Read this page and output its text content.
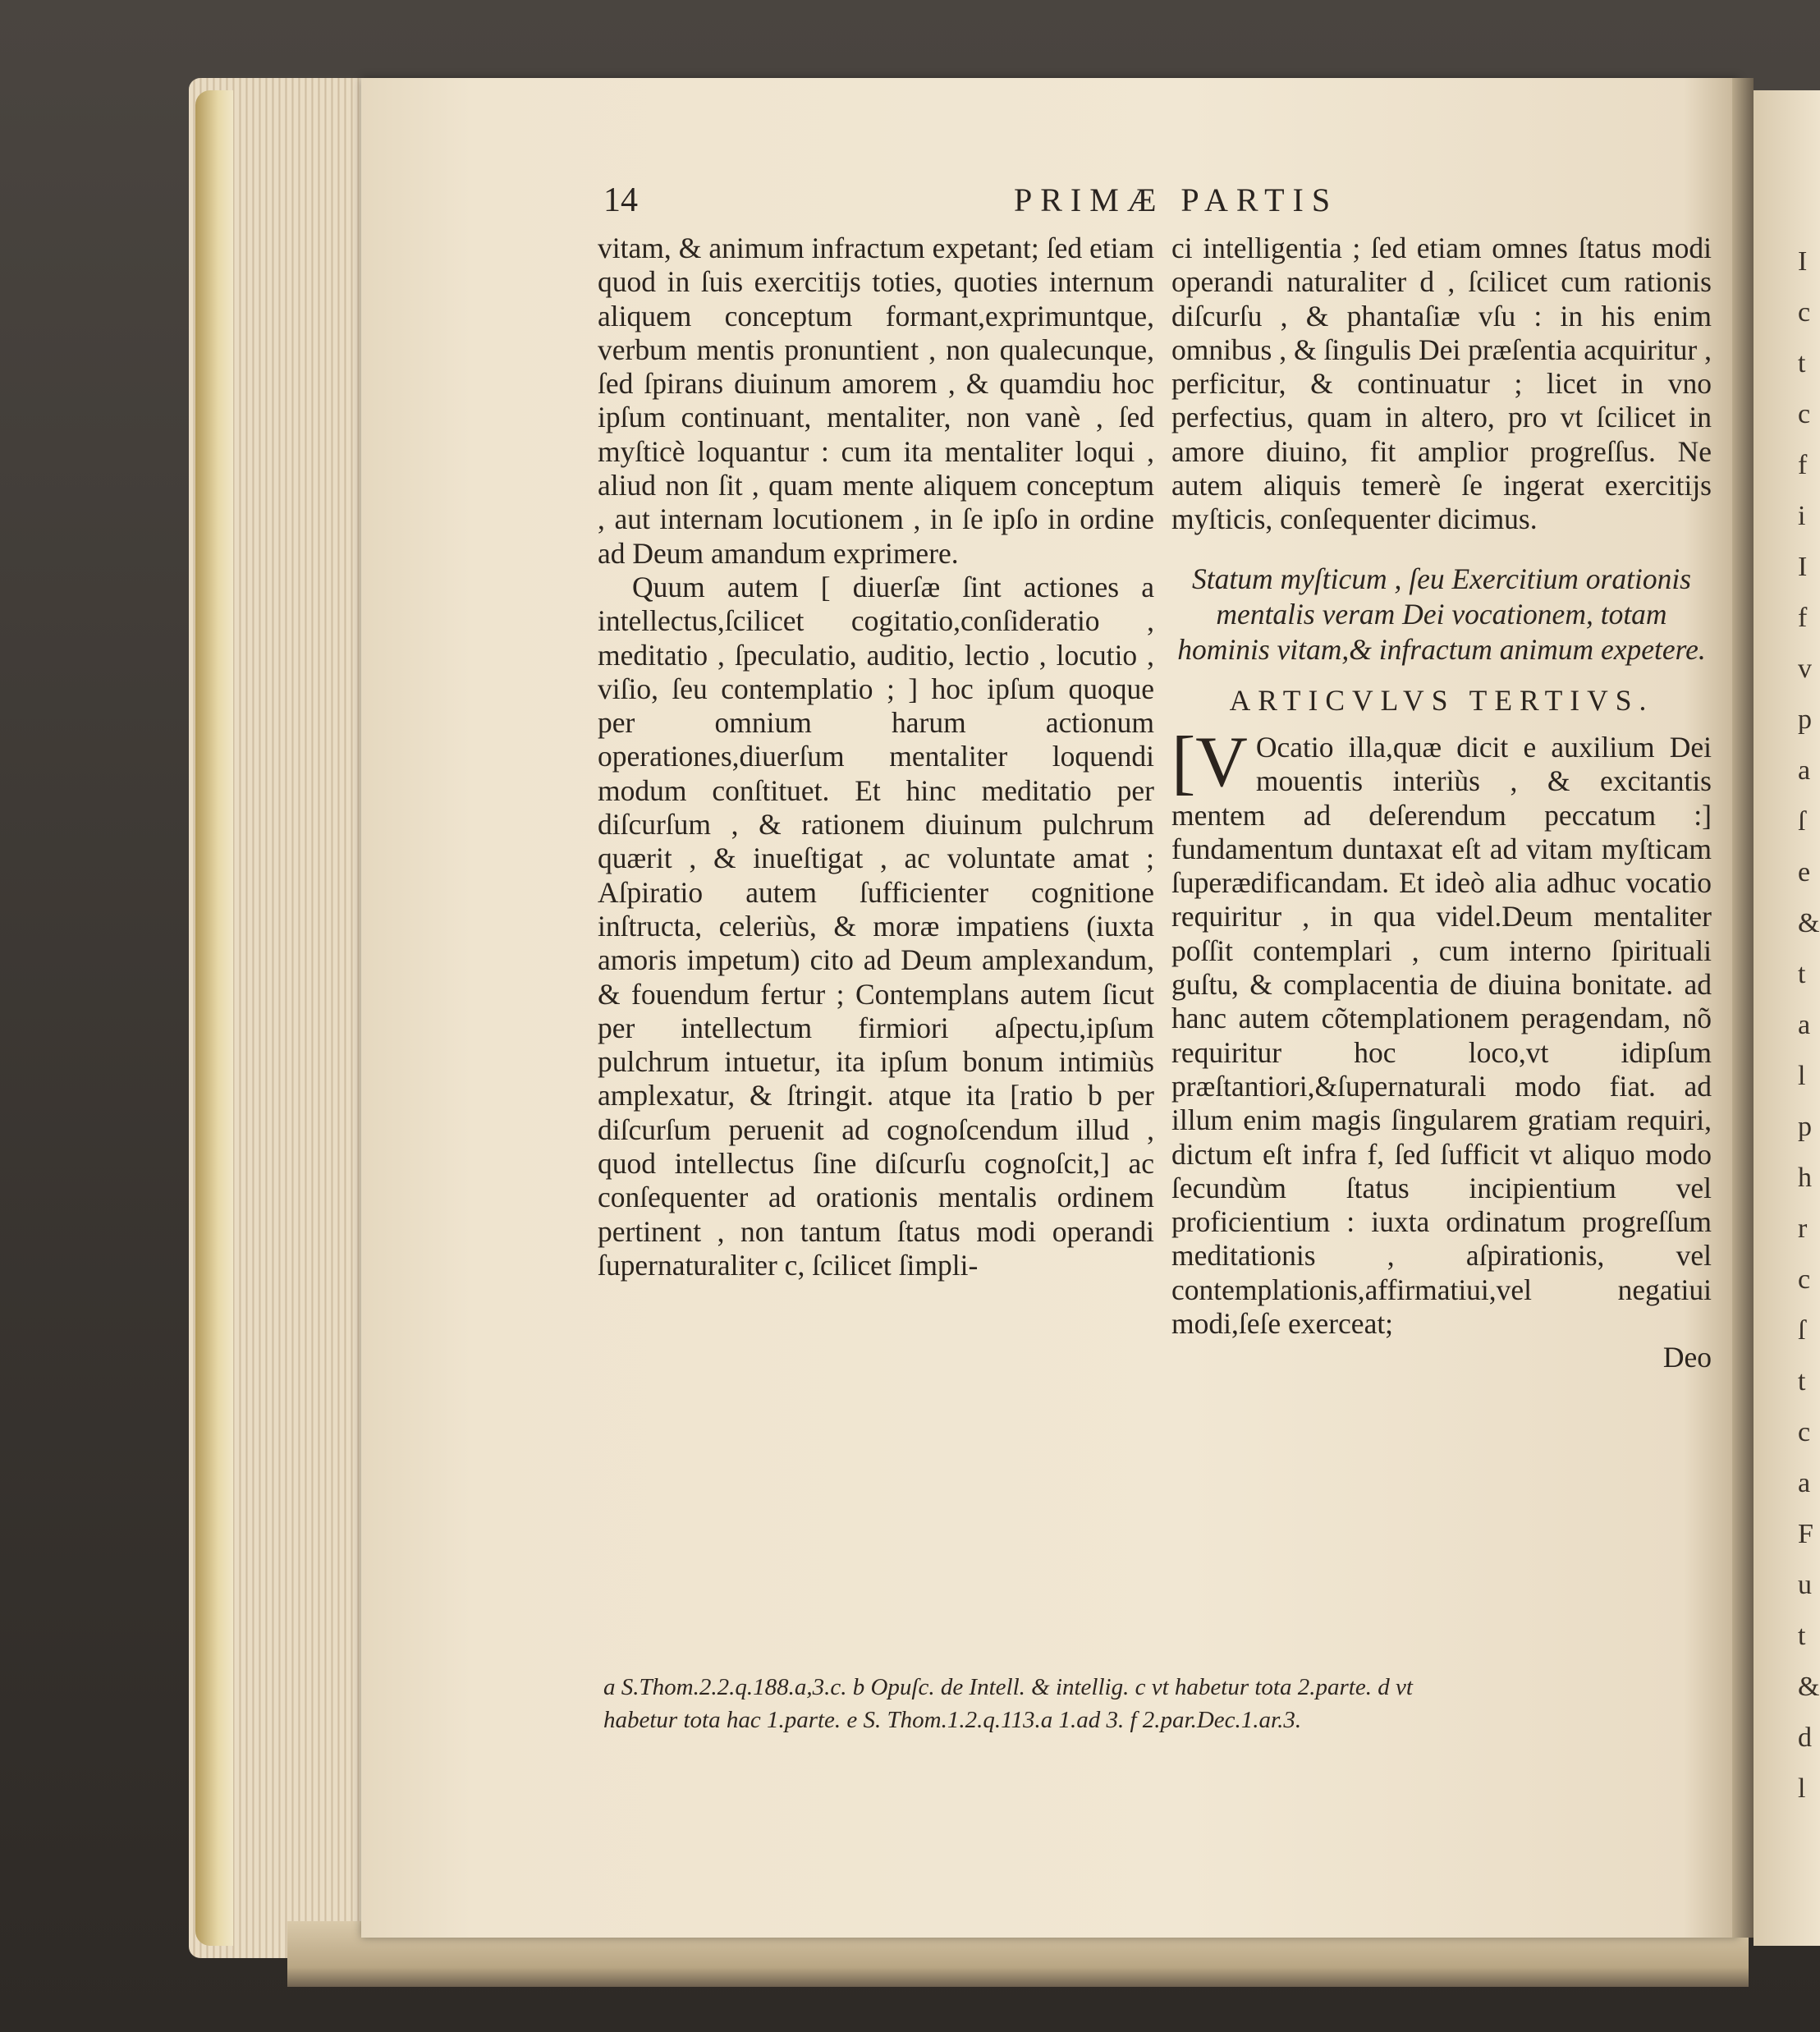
I
c
t
c
f
i
I
f
v
p
a
ſ
e
&
t
a
l
p
h
r
c
ſ
t
c
a
F
u
t
&
d
l
14	PRIMÆ PARTIS

vitam, & animum infractum expetant; ſed etiam quod in ſuis exercitijs toties, quoties internum aliquem conceptum formant,exprimuntque, verbum mentis pronuntient , non qualecunque, ſed ſpirans diuinum amorem , & quamdiu hoc ipſum continuant, mentaliter, non vanè , ſed myſticè loquantur : cum ita mentaliter loqui , aliud non ſit , quam mente aliquem conceptum , aut internam locutionem , in ſe ipſo in ordine ad Deum amandum exprimere.

Quum autem [ diuerſæ ſint actiones a intellectus,ſcilicet cogitatio,conſideratio , meditatio , ſpeculatio, auditio, lectio , locutio , viſio, ſeu contemplatio ; ] hoc ipſum quoque per omnium harum actionum operationes,diuerſum mentaliter loquendi modum conſtituet. Et hinc meditatio per diſcurſum , & rationem diuinum pulchrum quærit , & inueſtigat , ac voluntate amat ; Aſpiratio autem ſufficienter cognitione inſtructa, celeriùs, & moræ impatiens (iuxta amoris impetum) cito ad Deum amplexandum, & fouendum fertur ; Contemplans autem ſicut per intellectum firmiori aſpectu,ipſum pulchrum intuetur, ita ipſum bonum intimiùs amplexatur, & ſtringit. atque ita [ratio b per diſcurſum peruenit ad cognoſcendum illud , quod intellectus ſine diſcurſu cognoſcit,] ac conſequenter ad orationis mentalis ordinem pertinent , non tantum ſtatus modi operandi ſupernaturaliter c, ſcilicet ſimpli-

ci intelligentia ; ſed etiam omnes ſtatus modi operandi naturaliter d , ſcilicet cum rationis diſcurſu , & phantaſiæ vſu : in his enim omnibus , & ſingulis Dei præſentia acquiritur , perficitur, & continuatur ; licet in vno perfectius, quam in altero, pro vt ſcilicet in amore diuino, fit amplior progreſſus. Ne autem aliquis temerè ſe ingerat exercitijs myſticis, conſequenter dicimus.

Statum myſticum , ſeu Exercitium orationis mentalis veram Dei vocationem, totam hominis vitam,& infractum animum expetere.

ARTICVLVS TERTIVS.

[V Ocatio illa,quæ dicit e auxilium Dei mouentis interiùs , & excitantis mentem ad deſerendum peccatum :] fundamentum duntaxat eſt ad vitam myſticam ſuperædificandam. Et ideò alia adhuc vocatio requiritur , in qua videl.Deum mentaliter poſſit contemplari , cum interno ſpirituali guſtu, & complacentia de diuina bonitate. ad hanc autem cõtemplationem peragendam, nõ requiritur hoc loco,vt idipſum præſtantiori,&ſupernaturali modo fiat. ad illum enim magis ſingularem gratiam requiri, dictum eſt infra f, ſed ſufficit vt aliquo modo ſecundùm ſtatus incipientium vel proficientium : iuxta ordinatum progreſſum meditationis , aſpirationis, vel contemplationis,affirmatiui,vel negatiui modi,ſeſe exerceat;

Deo

a S.Thom.2.2.q.188.a,3.c. b Opuſc. de Intell. & intellig. c vt habetur tota 2.parte. d vt

habetur tota hac 1.parte. e S. Thom.1.2.q.113.a 1.ad 3. f 2.par.Dec.1.ar.3.
